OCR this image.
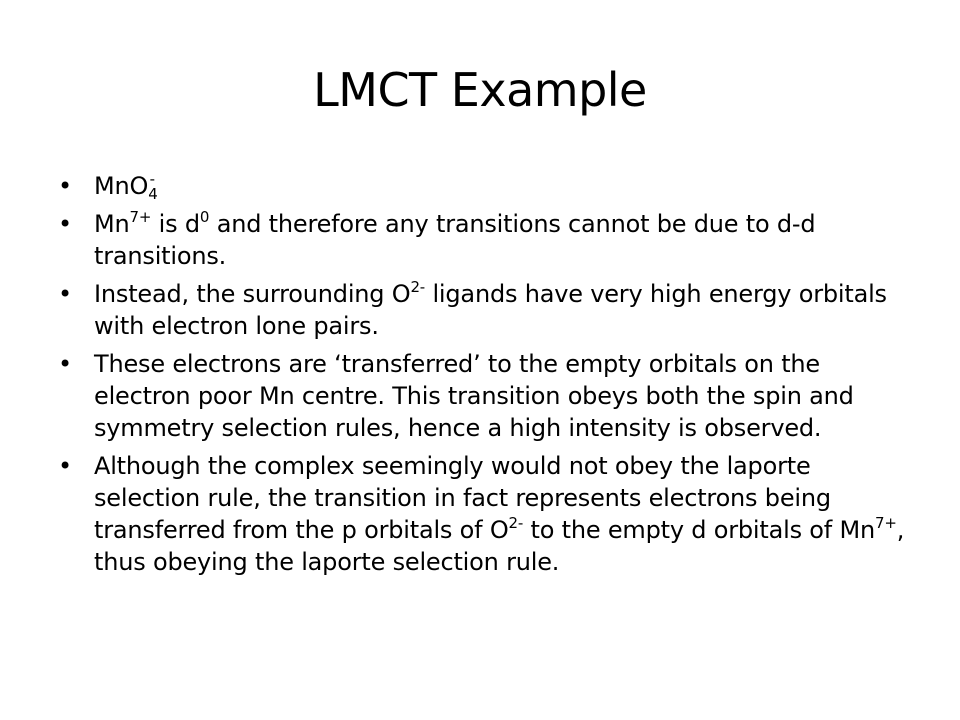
LMCT Example
• MnO$_4$-
• $Mn^{7+}$ is $d^0$ and therefore any transitions cannot be due to d-d transitions.
• Instead, the surrounding $O^{2-}$ ligands have very high energy orbitals with electron lone pairs.
• These electrons are ‘transferred’ to the empty orbitals on the electron poor Mn centre. This transition obeys both the spin and symmetry selection rules, hence a high intensity is observed.
• Although the complex seemingly would not obey the laporte selection rule, the transition in fact represents electrons being transferred from the p orbitals of $O^{2-}$ to the empty d orbitals of $Mn^{7+}$, thus obeying the laporte selection rule.
